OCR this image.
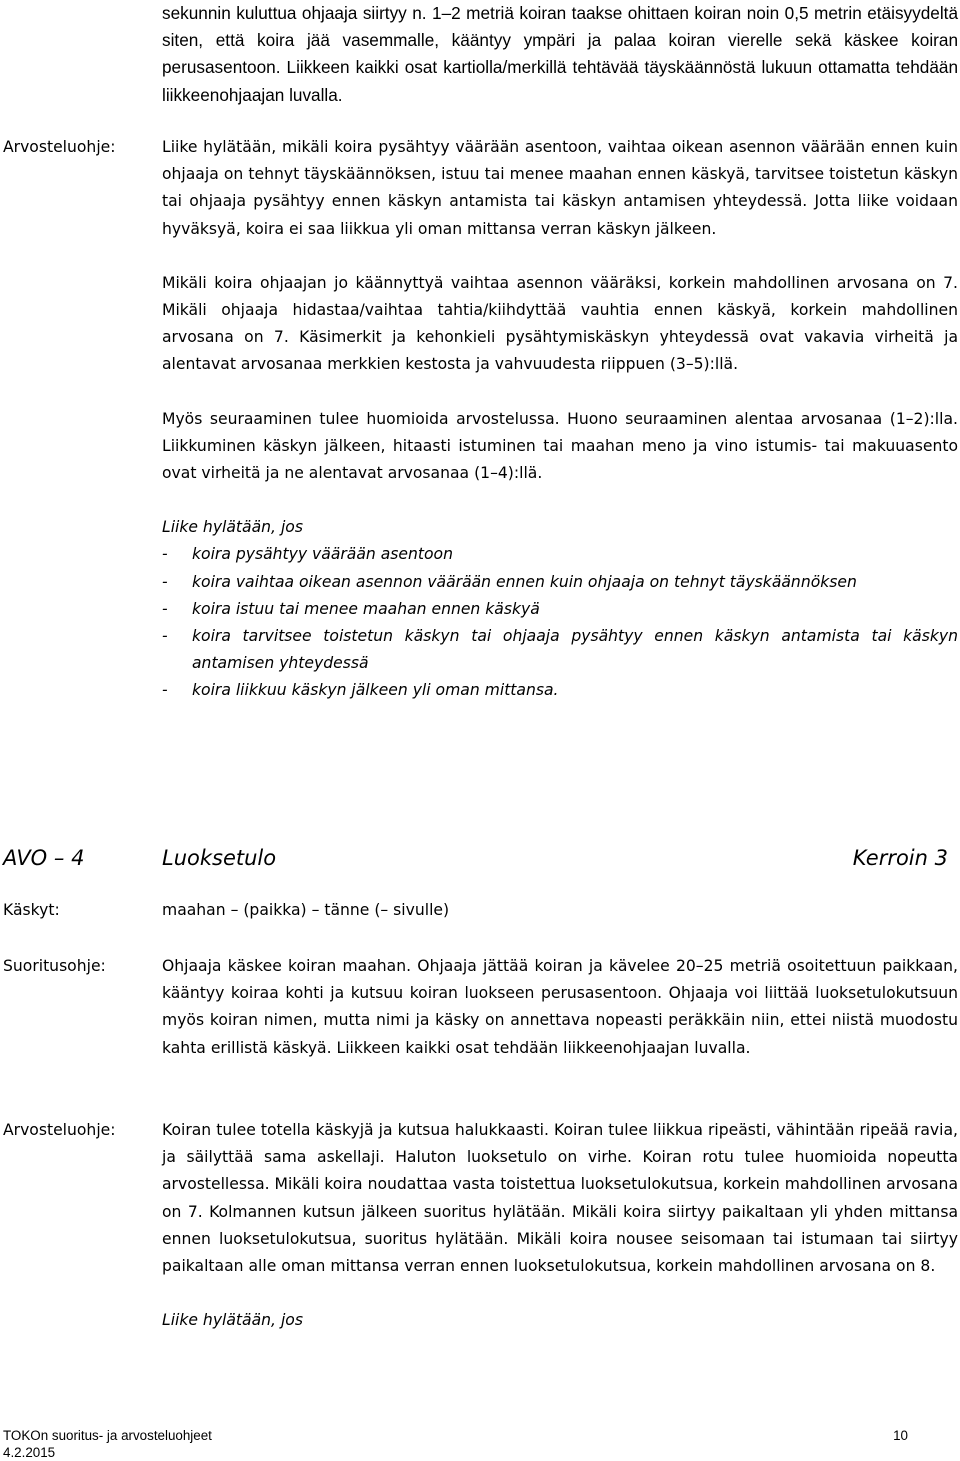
sekunnin kuluttua ohjaaja siirtyy n. 1–2 metriä koiran taakse ohittaen koiran noin 0,5 metrin etäisyydeltä siten, että koira jää vasemmalle, kääntyy ympäri ja palaa koiran vierelle sekä käskee koiran perusasentoon. Liikkeen kaikki osat kartiolla/merkillä tehtävää täyskäännöstä lukuun ottamatta tehdään liikkeenohjaajan luvalla.

Arvosteluohje:	Liike hylätään, mikäli koira pysähtyy väärään asentoon, vaihtaa oikean asennon väärään ennen kuin ohjaaja on tehnyt täyskäännöksen, istuu tai menee maahan ennen käskyä, tarvitsee toistetun käskyn tai ohjaaja pysähtyy ennen käskyn antamista tai käskyn antamisen yhteydessä. Jotta liike voidaan hyväksyä, koira ei saa liikkua yli oman mittansa verran käskyn jälkeen.

Mikäli koira ohjaajan jo käännyttyä vaihtaa asennon vääräksi, korkein mahdollinen arvosana on 7. Mikäli ohjaaja hidastaa/vaihtaa tahtia/kiihdyttää vauhtia ennen käskyä, korkein mahdollinen arvosana on 7. Käsimerkit ja kehonkieli pysähtymiskäskyn yhteydessä ovat vakavia virheitä ja alentavat arvosanaa merkkien kestosta ja vahvuudesta riippuen (3–5):llä.

Myös seuraaminen tulee huomioida arvostelussa. Huono seuraaminen alentaa arvosanaa (1–2):lla. Liikkuminen käskyn jälkeen, hitaasti istuminen tai maahan meno ja vino istumis- tai makuuasento ovat virheitä ja ne alentavat arvosanaa (1–4):llä.

Liike hylätään, jos

- koira pysähtyy väärään asentoon
- koira vaihtaa oikean asennon väärään ennen kuin ohjaaja on tehnyt täyskäännöksen
- koira istuu tai menee maahan ennen käskyä
- koira tarvitsee toistetun käskyn tai ohjaaja pysähtyy ennen käskyn antamista tai käskyn antamisen yhteydessä
- koira liikkuu käskyn jälkeen yli oman mittansa.
AVO – 4	Luoksetulo	Kerroin 3
Käskyt:	maahan – (paikka) – tänne (– sivulle)
Suoritusohje:	Ohjaaja käskee koiran maahan. Ohjaaja jättää koiran ja kävelee 20–25 metriä osoitettuun paikkaan, kääntyy koiraa kohti ja kutsuu koiran luokseen perusasentoon. Ohjaaja voi liittää luoksetulokutsuun myös koiran nimen, mutta nimi ja käsky on annettava nopeasti peräkkäin niin, ettei niistä muodostu kahta erillistä käskyä. Liikkeen kaikki osat tehdään liikkeenohjaajan luvalla.
Arvosteluohje:	Koiran tulee totella käskyjä ja kutsua halukkaasti. Koiran tulee liikkua ripeästi, vähintään ripeää ravia, ja säilyttää sama askellaji. Haluton luoksetulo on virhe. Koiran rotu tulee huomioida nopeutta arvostellessa. Mikäli koira noudattaa vasta toistettua luoksetulokutsua, korkein mahdollinen arvosana on 7. Kolmannen kutsun jälkeen suoritus hylätään. Mikäli koira siirtyy paikaltaan yli yhden mittansa ennen luoksetulokutsua, suoritus hylätään. Mikäli koira nousee seisomaan tai istumaan tai siirtyy paikaltaan alle oman mittansa verran ennen luoksetulokutsua, korkein mahdollinen arvosana on 8.

Liike hylätään, jos

TOKOn suoritus- ja arvosteluohjeet
4.2.2015
10
